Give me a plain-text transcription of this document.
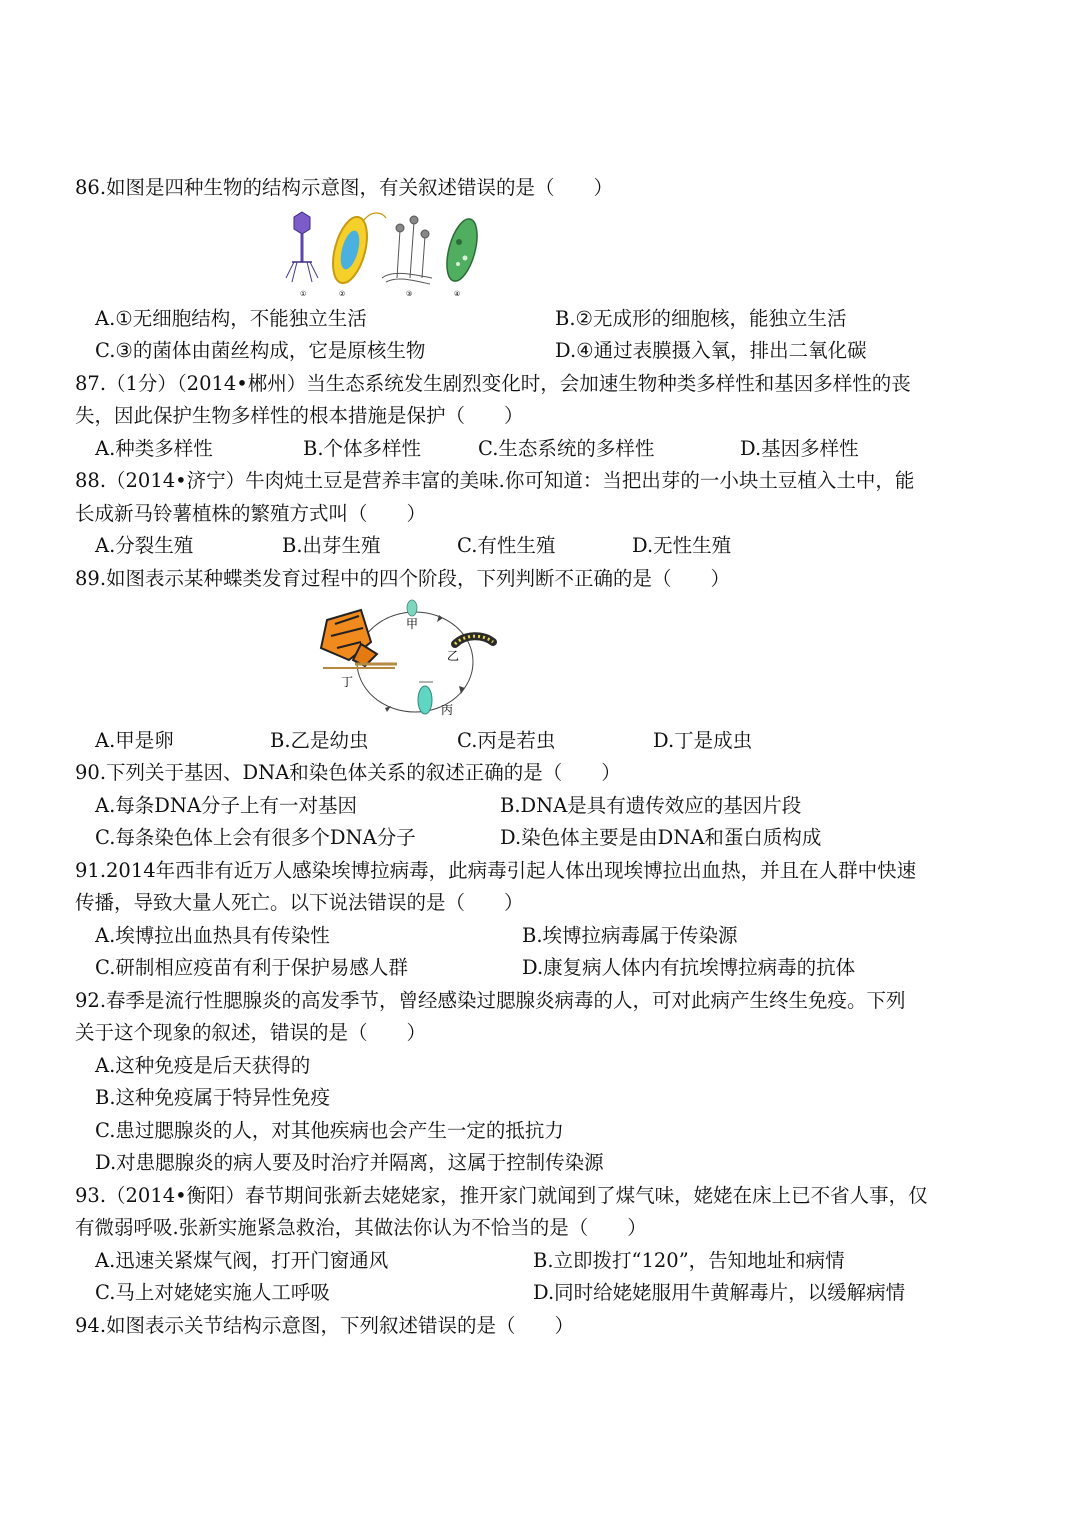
86.如图是四种生物的结构示意图，有关叙述错误的是（　　）
①	②	③	④
A.①无细胞结构，不能独立生活	B.②无成形的细胞核，能独立生活
C.③的菌体由菌丝构成，它是原核生物	D.④通过表膜摄入氧，排出二氧化碳
87.（1分）（2014•郴州）当生态系统发生剧烈变化时，会加速生物种类多样性和基因多样性的丧
失，因此保护生物多样性的根本措施是保护（　　）
A.种类多样性	B.个体多样性	C.生态系统的多样性	D.基因多样性
88.（2014•济宁）牛肉炖土豆是营养丰富的美味.你可知道：当把出芽的一小块土豆植入土中，能
长成新马铃薯植株的繁殖方式叫（　　）
A.分裂生殖	B.出芽生殖	C.有性生殖	D.无性生殖
89.如图表示某种蝶类发育过程中的四个阶段，下列判断不正确的是（　　）
甲
乙
丙
丁
A.甲是卵	B.乙是幼虫	C.丙是若虫	D.丁是成虫
90.下列关于基因、DNA和染色体关系的叙述正确的是（　　）
A.每条DNA分子上有一对基因	B.DNA是具有遗传效应的基因片段
C.每条染色体上会有很多个DNA分子	D.染色体主要是由DNA和蛋白质构成
91.2014年西非有近万人感染埃博拉病毒，此病毒引起人体出现埃博拉出血热，并且在人群中快速
传播，导致大量人死亡。以下说法错误的是（　　）
A.埃博拉出血热具有传染性	B.埃博拉病毒属于传染源
C.研制相应疫苗有利于保护易感人群	D.康复病人体内有抗埃博拉病毒的抗体
92.春季是流行性腮腺炎的高发季节，曾经感染过腮腺炎病毒的人，可对此病产生终生免疫。下列
关于这个现象的叙述，错误的是（　　）
A.这种免疫是后天获得的
B.这种免疫属于特异性免疫
C.患过腮腺炎的人，对其他疾病也会产生一定的抵抗力
D.对患腮腺炎的病人要及时治疗并隔离，这属于控制传染源
93.（2014•衡阳）春节期间张新去姥姥家，推开家门就闻到了煤气味，姥姥在床上已不省人事，仅
有微弱呼吸.张新实施紧急救治，其做法你认为不恰当的是（　　）
A.迅速关紧煤气阀，打开门窗通风	B.立即拨打“120”，告知地址和病情
C.马上对姥姥实施人工呼吸	D.同时给姥姥服用牛黄解毒片，以缓解病情
94.如图表示关节结构示意图，下列叙述错误的是（　　）
